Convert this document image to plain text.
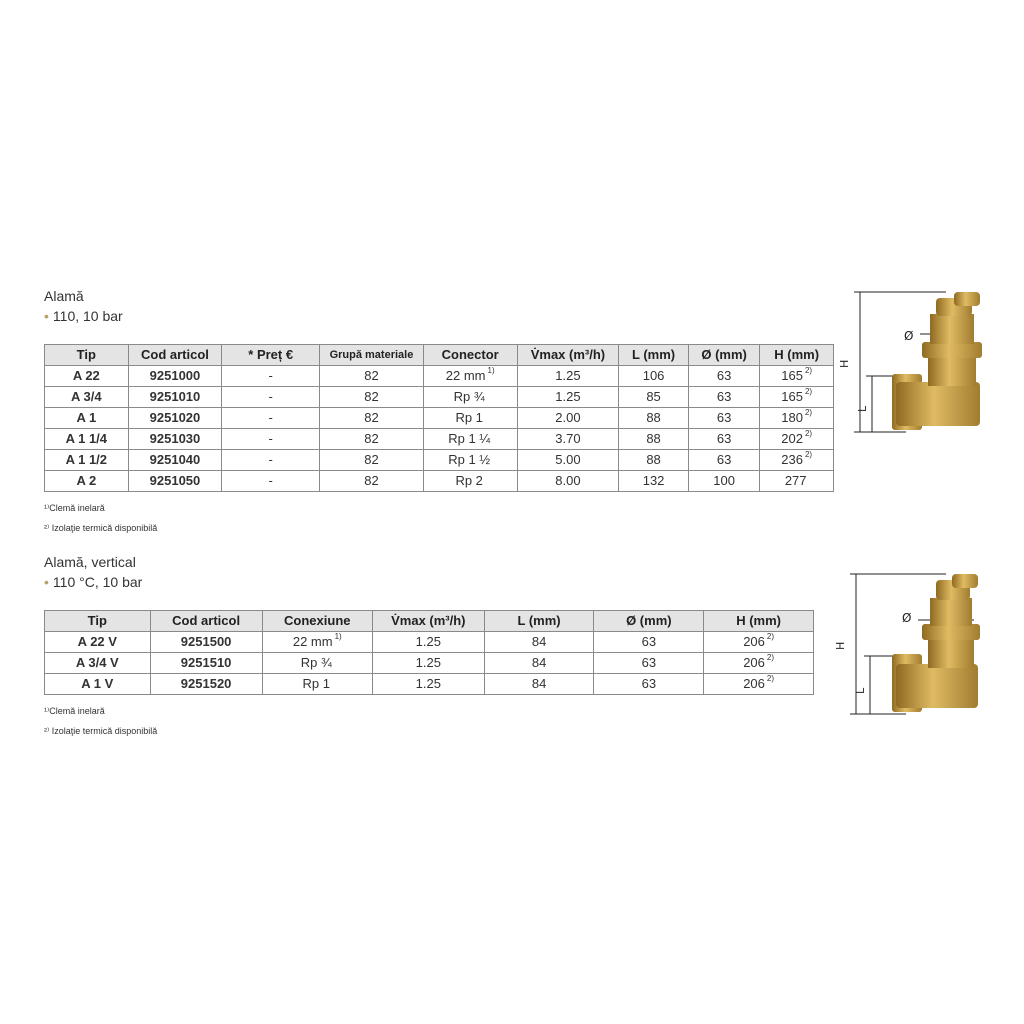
Alamă
• 110, 10 bar
Tip	Cod articol	* Preț €	Grupă materiale	Conector	V̇max (m³/h)	L (mm)	Ø (mm)	H (mm)
A 22	9251000	-	82	22 mm $^{1)}$	1.25	106	63	165 $^{2)}$
A 3/4	9251010	-	82	Rp ¾	1.25	85	63	165 $^{2)}$
A 1	9251020	-	82	Rp 1	2.00	88	63	180 $^{2)}$
A 1 1/4	9251030	-	82	Rp 1 ¼	3.70	88	63	202 $^{2)}$
A 1 1/2	9251040	-	82	Rp 1 ½	5.00	88	63	236 $^{2)}$
A 2	9251050	-	82	Rp 2	8.00	132	100	277
¹⁾Clemă inelară
²⁾ Izolaţie termică disponibilă
Alamă, vertical
• 110 °C, 10 bar
Tip	Cod articol	Conexiune	V̇max (m³/h)	L (mm)	Ø (mm)	H (mm)
A 22 V	9251500	22 mm $^{1)}$	1.25	84	63	206 $^{2)}$
A 3/4 V	9251510	Rp ¾	1.25	84	63	206 $^{2)}$
A 1 V	9251520	Rp 1	1.25	84	63	206 $^{2)}$
¹⁾Clemă inelară
²⁾ Izolaţie termică disponibilă
Ø
H
L
Ø
H
L
